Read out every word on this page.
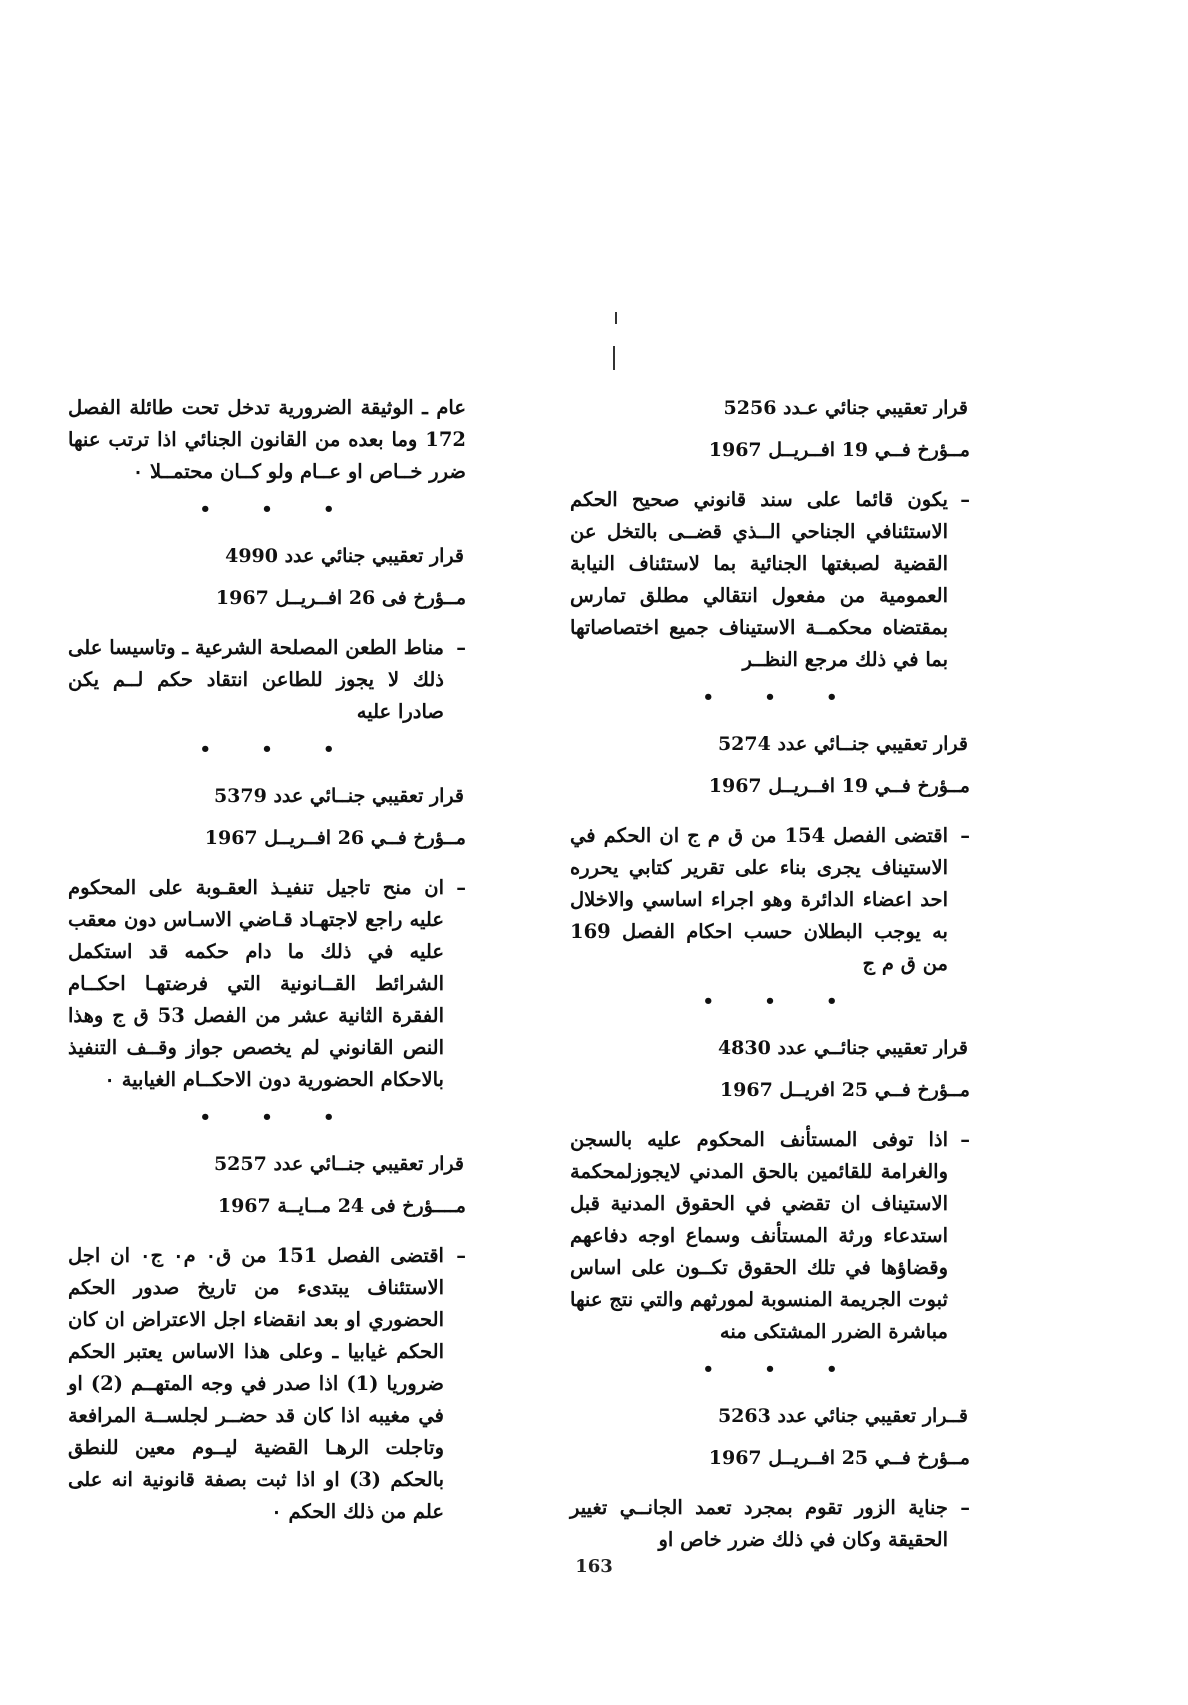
قرار تعقيبي جنائي عـدد 5256

مــؤرخ فــي 19 افــريــل 1967

– يكون قائما على سند قانوني صحيح الحكم الاستئنافي الجناحي الــذي قضــى بالتخل عن القضية لصبغتها الجنائية بما لاستئناف النيابة العمومية من مفعول انتقالي مطلق تمارس بمقتضاه محكمــة الاستيناف جميع اختصاصاتها بما في ذلك مرجع النظــر

• • •

قرار تعقيبي جنــائي عدد 5274

مــؤرخ فــي 19 افــريــل 1967

– اقتضى الفصل 154 من ق م ج ان الحكم في الاستيناف يجرى بناء على تقرير كتابي يحرره احد اعضاء الدائرة وهو اجراء اساسي والاخلال به يوجب البطلان حسب احكام الفصل 169 من ق م ج

• • •

قرار تعقيبي جنائــي عدد 4830

مــؤرخ فــي 25 افريــل 1967

– اذا توفى المستأنف المحكوم عليه بالسجن والغرامة للقائمين بالحق المدني لايجوزلمحكمة الاستيناف ان تقضي في الحقوق المدنية قبل استدعاء ورثة المستأنف وسماع اوجه دفاعهم وقضاؤها في تلك الحقوق تكــون على اساس ثبوت الجريمة المنسوبة لمورثهم والتي نتج عنها مباشرة الضرر المشتكى منه

• • •

قــرار تعقيبي جنائي عدد 5263

مــؤرخ فــي 25 افــريــل 1967

– جناية الزور تقوم بمجرد تعمد الجانــي تغيير الحقيقة وكان في ذلك ضرر خاص او

عام ـ الوثيقة الضرورية تدخل تحت طائلة الفصل 172 وما بعده من القانون الجنائي اذا ترتب عنها ضرر خــاص او عــام ولو كــان محتمــلا ٠

• • •

قرار تعقيبي جنائي عدد 4990

مــؤرخ فى 26 افــريــل 1967

– مناط الطعن المصلحة الشرعية ـ وتاسيسا على ذلك لا يجوز للطاعن انتقاد حكم لــم يكن صادرا عليه

• • •

قرار تعقيبي جنــائي عدد 5379

مــؤرخ فــي 26 افــريــل 1967

– ان منح تاجيل تنفيـذ العقـوبة على المحكوم عليه راجع لاجتهـاد قـاضي الاسـاس دون معقب عليه في ذلك ما دام حكمه قد استكمل الشرائط القــانونية التي فرضتهـا احكــام الفقرة الثانية عشر من الفصل 53 ق ج وهذا النص القانوني لم يخصص جواز وقــف التنفيذ بالاحكام الحضورية دون الاحكــام الغيابية ٠

• • •

قرار تعقيبي جنــائي عدد 5257

مــــؤرخ فى 24 مــايــة 1967

– اقتضى الفصل 151 من ق٠ م٠ ج٠ ان اجل الاستئناف يبتدىء من تاريخ صدور الحكم الحضوري او بعد انقضاء اجل الاعتراض ان كان الحكم غيابيا ـ وعلى هذا الاساس يعتبر الحكم ضروريا (1) اذا صدر في وجه المتهــم (2) او في مغيبه اذا كان قد حضــر لجلســة المرافعة وتاجلت الرهـا القضية ليــوم معين للنطق بالحكم (3) او اذا ثبت بصفة قانونية انه على علم من ذلك الحكم ٠

163
